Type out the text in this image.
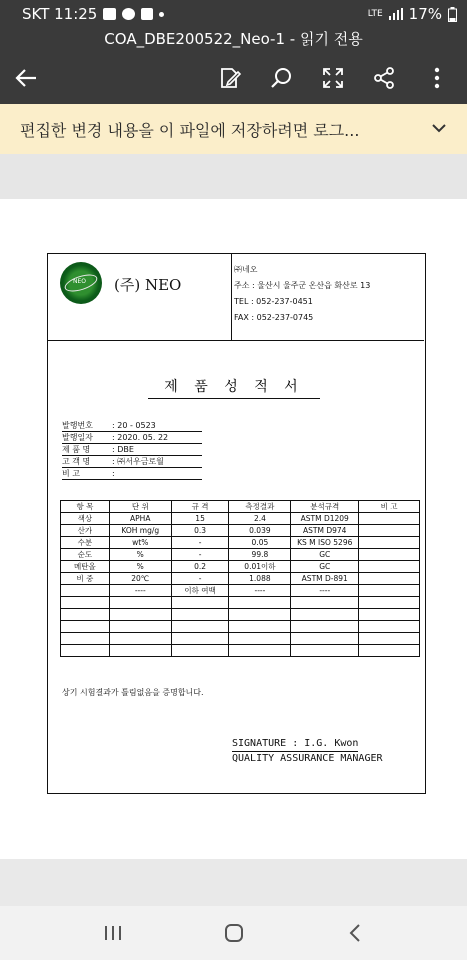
SKT 11:25	LTE 17%
COA_DBE200522_Neo-1 - 읽기 전용
편집한 변경 내용을 이 파일에 저장하려면 로그...
NEO (주) NEO
㈜네오
주소 : 울산시 울주군 온산읍 화산로 13
TEL : 052-237-0451
FAX : 052-237-0745
제 품 성 적 서
발행번호	: 20 - 0523
발행일자	: 2020. 05. 22
제 품 명	: DBE
고 객 명	: ㈜서우금로월
비 고	:
항 목	단 위	규 격	측정결과	분석규격	비 고
색상	APHA	15	2.4	ASTM D1209	
산가	KOH mg/g	0.3	0.039	ASTM D974	
수분	wt%	-	0.05	KS M ISO 5296	
순도	%	-	99.8	GC	
메탄올	%	0.2	0.01이하	GC	
비 중	20℃	-	1.088	ASTM D-891	
	----	이하 여백	----	----	

상기 시험결과가 틀림없음을 증명합니다.
SIGNATURE : I.G. Kwon
QUALITY ASSURANCE MANAGER
